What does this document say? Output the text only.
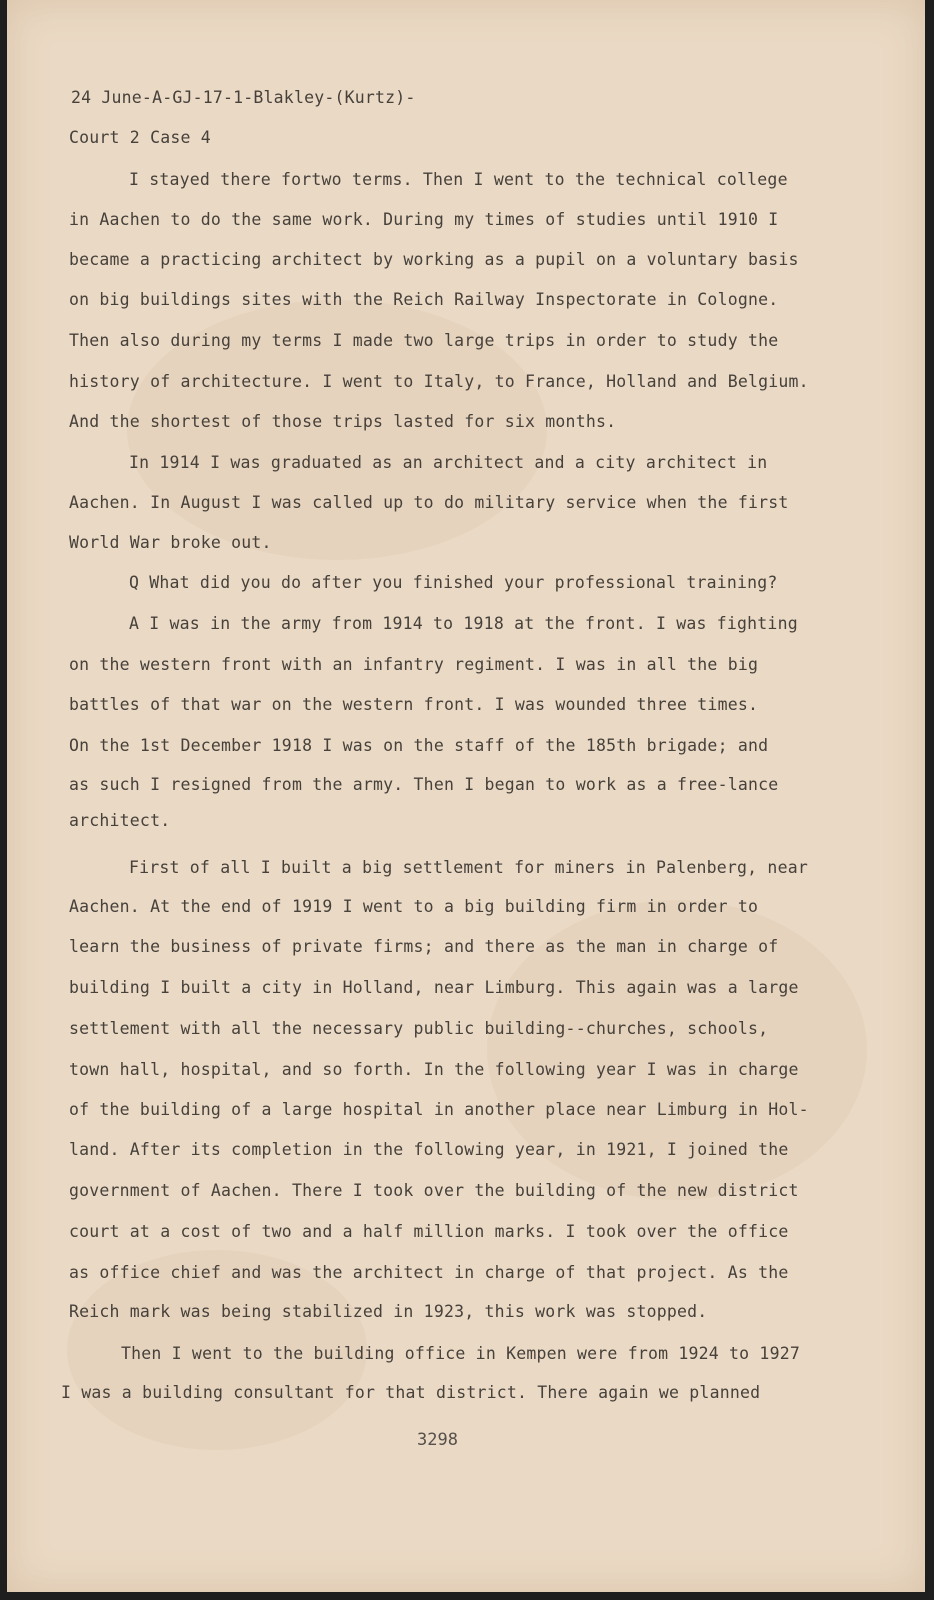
24 June-A-GJ-17-1-Blakley-(Kurtz)-
Court 2 Case 4
I stayed there fortwo terms. Then I went to the technical college
in Aachen to do the same work. During my times of studies until 1910 I
became a practicing architect by working as a pupil on a voluntary basis
on big buildings sites with the Reich Railway Inspectorate in Cologne.
Then also during my terms I made two large trips in order to study the
history of architecture. I went to Italy, to France, Holland and Belgium.
And the shortest of those trips lasted for six months.
In 1914 I was graduated as an architect and a city architect in
Aachen. In August I was called up to do military service when the first
World War broke out.
Q What did you do after you finished your professional training?
A I was in the army from 1914 to 1918 at the front. I was fighting
on the western front with an infantry regiment. I was in all the big
battles of that war on the western front. I was wounded three times.
On the 1st December 1918 I was on the staff of the 185th brigade; and
as such I resigned from the army. Then I began to work as a free-lance
architect.
First of all I built a big settlement for miners in Palenberg, near
Aachen. At the end of 1919 I went to a big building firm in order to
learn the business of private firms; and there as the man in charge of
building I built a city in Holland, near Limburg. This again was a large
settlement with all the necessary public building--churches, schools,
town hall, hospital, and so forth. In the following year I was in charge
of the building of a large hospital in another place near Limburg in Hol-
land. After its completion in the following year, in 1921, I joined the
government of Aachen. There I took over the building of the new district
court at a cost of two and a half million marks. I took over the office
as office chief and was the architect in charge of that project. As the
Reich mark was being stabilized in 1923, this work was stopped.
Then I went to the building office in Kempen were from 1924 to 1927
I was a building consultant for that district. There again we planned
3298
